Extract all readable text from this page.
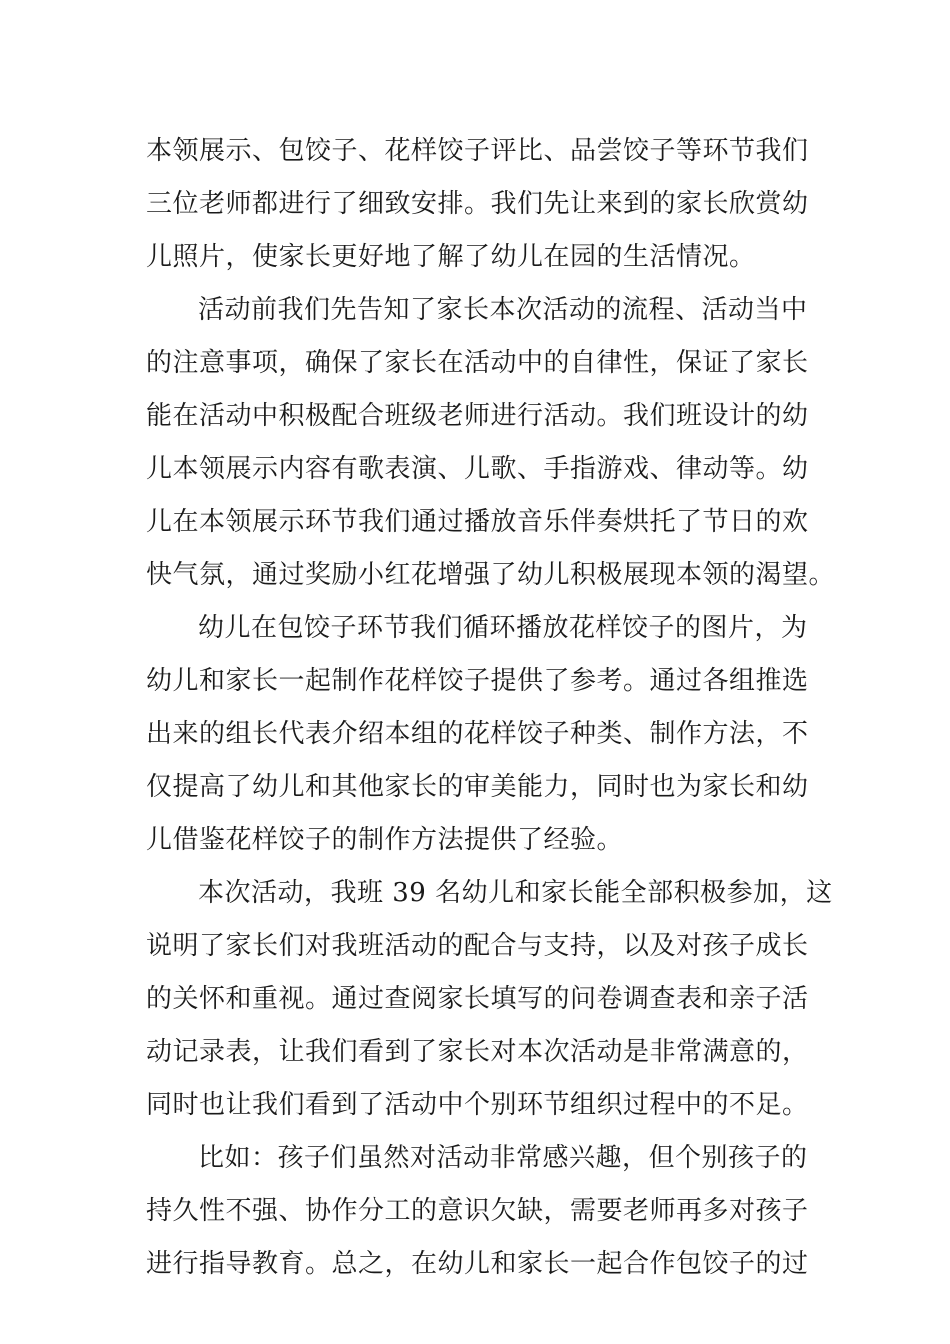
本领展示、包饺子、花样饺子评比、品尝饺子等环节我们
三位老师都进行了细致安排。我们先让来到的家长欣赏幼
儿照片，使家长更好地了解了幼儿在园的生活情况。
活动前我们先告知了家长本次活动的流程、活动当中
的注意事项，确保了家长在活动中的自律性，保证了家长
能在活动中积极配合班级老师进行活动。我们班设计的幼
儿本领展示内容有歌表演、儿歌、手指游戏、律动等。幼
儿在本领展示环节我们通过播放音乐伴奏烘托了节日的欢
快气氛，通过奖励小红花增强了幼儿积极展现本领的渴望。
幼儿在包饺子环节我们循环播放花样饺子的图片，为
幼儿和家长一起制作花样饺子提供了参考。通过各组推选
出来的组长代表介绍本组的花样饺子种类、制作方法，不
仅提高了幼儿和其他家长的审美能力，同时也为家长和幼
儿借鉴花样饺子的制作方法提供了经验。
本次活动，我班 39 名幼儿和家长能全部积极参加，这
说明了家长们对我班活动的配合与支持，以及对孩子成长
的关怀和重视。通过查阅家长填写的问卷调查表和亲子活
动记录表，让我们看到了家长对本次活动是非常满意的，
同时也让我们看到了活动中个别环节组织过程中的不足。
比如：孩子们虽然对活动非常感兴趣，但个别孩子的
持久性不强、协作分工的意识欠缺，需要老师再多对孩子
进行指导教育。总之，在幼儿和家长一起合作包饺子的过
